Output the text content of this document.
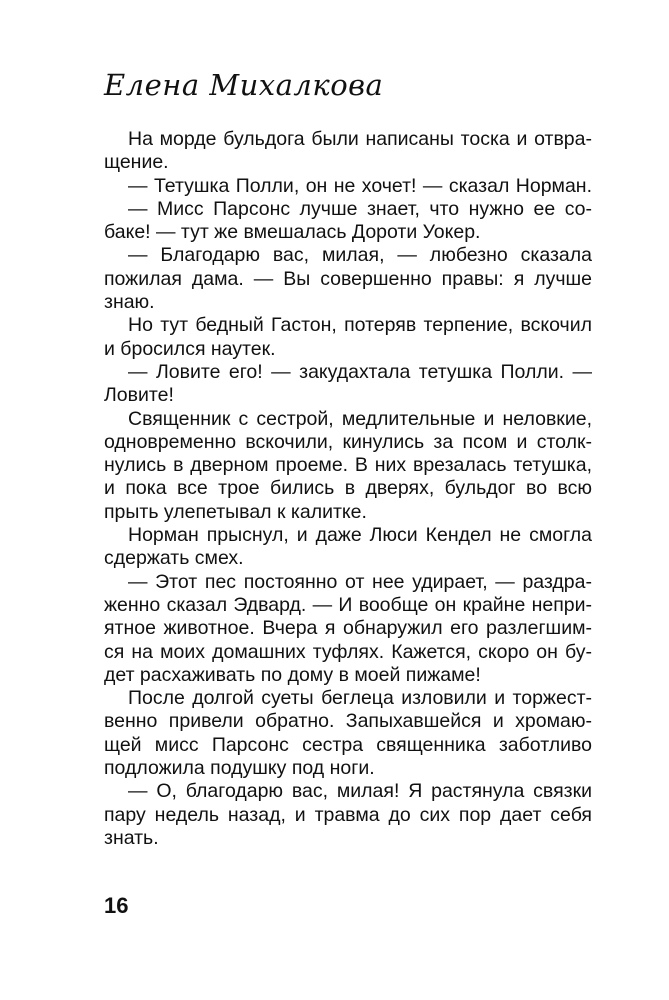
Елена Михалкова
На морде бульдога были написаны тоска и отвра-
щение.
— Тетушка Полли, он не хочет! — сказал Норман.
— Мисс Парсонс лучше знает, что нужно ее со-
баке! — тут же вмешалась Дороти Уокер.
— Благодарю вас, милая, — любезно сказала
пожилая дама. — Вы совершенно правы: я лучше
знаю.
Но тут бедный Гастон, потеряв терпение, вскочил
и бросился наутек.
— Ловите его! — закудахтала тетушка Полли. —
Ловите!
Священник с сестрой, медлительные и неловкие,
одновременно вскочили, кинулись за псом и столк-
нулись в дверном проеме. В них врезалась тетушка,
и пока все трое бились в дверях, бульдог во всю
прыть улепетывал к калитке.
Норман прыснул, и даже Люси Кендел не смогла
сдержать смех.
— Этот пес постоянно от нее удирает, — раздра-
женно сказал Эдвард. — И вообще он крайне непри-
ятное животное. Вчера я обнаружил его разлегшим-
ся на моих домашних туфлях. Кажется, скоро он бу-
дет расхаживать по дому в моей пижаме!
После долгой суеты беглеца изловили и торжест-
венно привели обратно. Запыхавшейся и хромаю-
щей мисс Парсонс сестра священника заботливо
подложила подушку под ноги.
— О, благодарю вас, милая! Я растянула связки
пару недель назад, и травма до сих пор дает себя
знать.
16
